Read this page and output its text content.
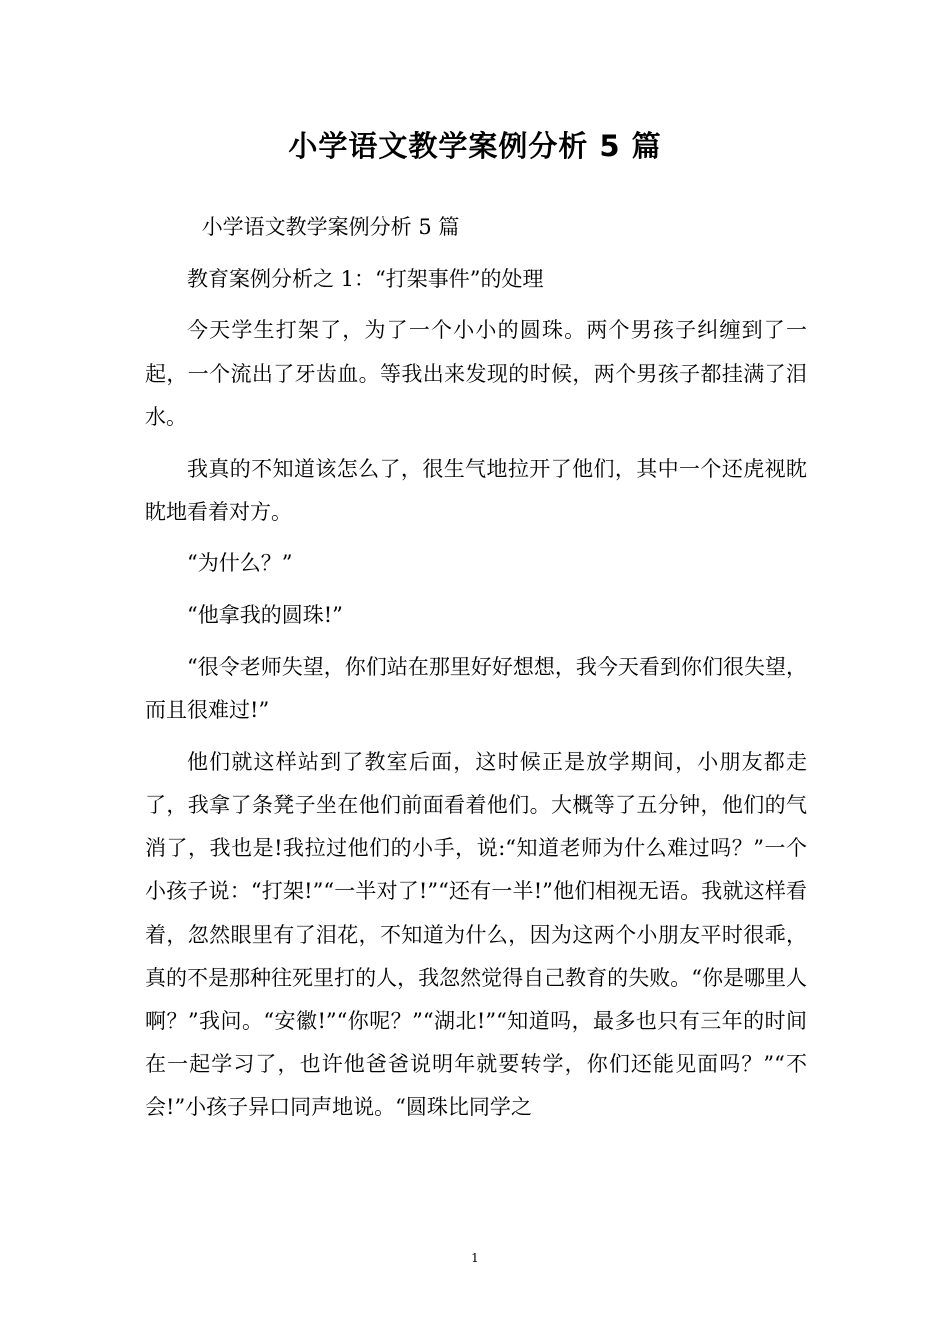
小学语文教学案例分析 5 篇

小学语文教学案例分析 5 篇

教育案例分析之 1：“打架事件”的处理

今天学生打架了，为了一个小小的圆珠。两个男孩子纠缠到了一起，一个流出了牙齿血。等我出来发现的时候，两个男孩子都挂满了泪水。

我真的不知道该怎么了，很生气地拉开了他们，其中一个还虎视眈眈地看着对方。

“为什么？”

“他拿我的圆珠!”

“很令老师失望，你们站在那里好好想想，我今天看到你们很失望，而且很难过!”

他们就这样站到了教室后面，这时候正是放学期间，小朋友都走了，我拿了条凳子坐在他们前面看着他们。大概等了五分钟，他们的气消了，我也是!我拉过他们的小手，说:“知道老师为什么难过吗？”一个小孩子说：“打架!”“一半对了!”“还有一半!”他们相视无语。我就这样看着，忽然眼里有了泪花，不知道为什么，因为这两个小朋友平时很乖，真的不是那种往死里打的人，我忽然觉得自己教育的失败。“你是哪里人啊？”我问。“安徽!”“你呢？”“湖北!”“知道吗，最多也只有三年的时间在一起学习了，也许他爸爸说明年就要转学，你们还能见面吗？”“不会!”小孩子异口同声地说。“圆珠比同学之

1
